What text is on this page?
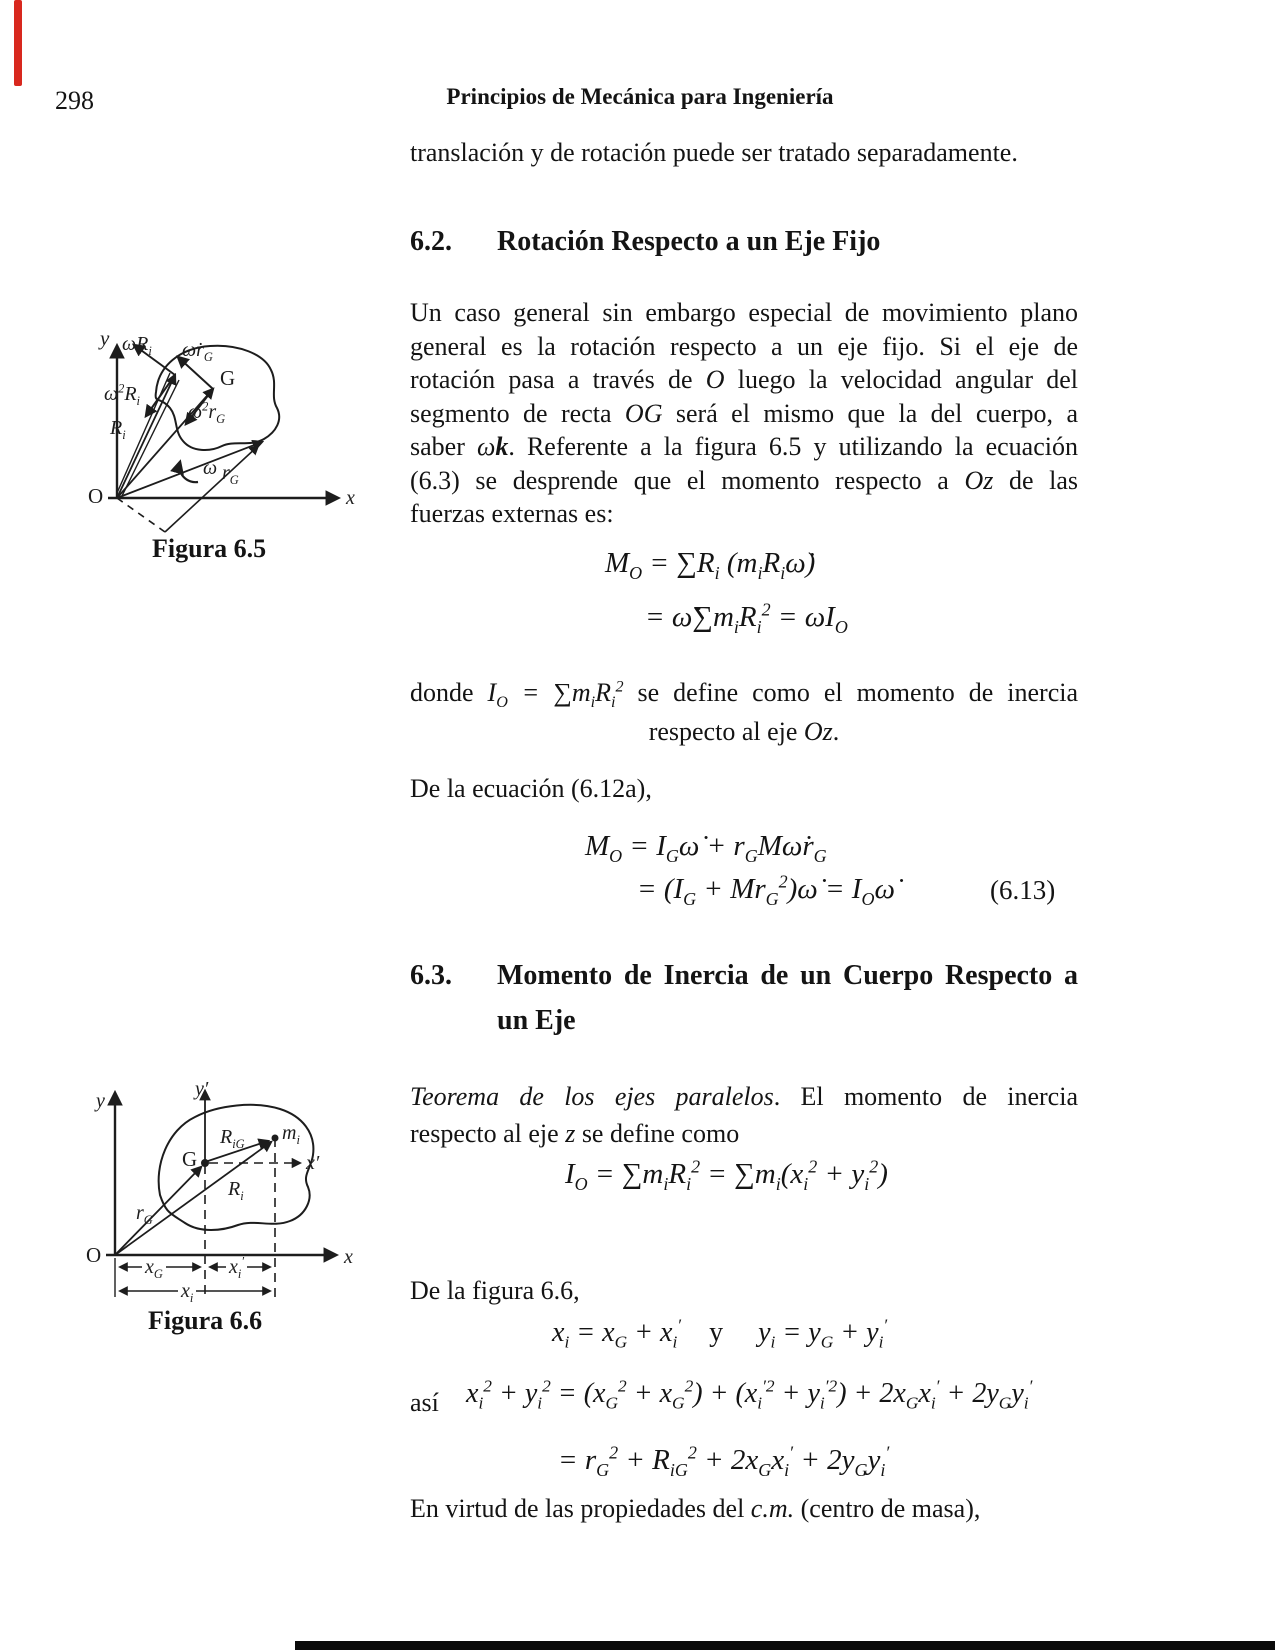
298	Principios de Mecánica para Ingeniería
translación y de rotación puede ser tratado separadamente.
6.2. Rotación Respecto a un Eje Fijo
Un caso general sin embargo especial de movimiento plano
general es la rotación respecto a un eje fijo. Si el eje de
rotación pasa a través de O luego la velocidad angular del
segmento de recta OG será el mismo que la del cuerpo, a
saber ωk. Referente a la figura 6.5 y utilizando la ecuación
(6.3) se desprende que el momento respecto a Oz de las
fuerzas externas es:
$M_O = \sum R_i$ $(m_iR_i\omegȧ)$
= $\omegȧ\sum m_iR_i^2$ = $\omegȧI_O$
donde $I_O = \sum m_iR_i^2$ se define como el momento de inercia
respecto al eje Oz.
De la ecuación (6.12a),
$M_O$ = $I_G\omegȧ$ + $r_GM\omegȧr_G$
= ($I_G$ + $Mr_G^2)\omegȧ$ = $I_O\omegȧ$	(6.13)
6.3. Momento de Inercia de un Cuerpo Respecto a
un Eje
Teorema de los ejes paralelos. El momento de inercia
respecto al eje z se define como
$I_O = \sum m_iR_i^2 = \sum m_i(x_i^2 + y_i^2)$
De la figura 6.6,
$x_i = x_G + x_i'$    y     $y_i = y_G + y_i'$
así $x_i^2 + y_i^2 = (x_G^2 + x_G^2) + (x_i^{'2} + y_i^{'2}) + 2x_Gx_i' + 2y_Gy_i'$
= $r_G^2 + R_{iG}^2 + 2x_Gx_i' + 2y_Gy_i'$
En virtud de las propiedades del c.m. (centro de masa),
y
x
O
G
$\omegȧR_i$ $\omegȧr_G$
$\omega^2R_i$ $\omega^2r_G$
$R_i$
$r_G$
ω
Figura 6.5
y
y′
x
x′
O
G
$m_i$
$R_{iG}$
$R_i$
$r_G$
$x_G$	$x_i'$
$x_i$
Figura 6.6
